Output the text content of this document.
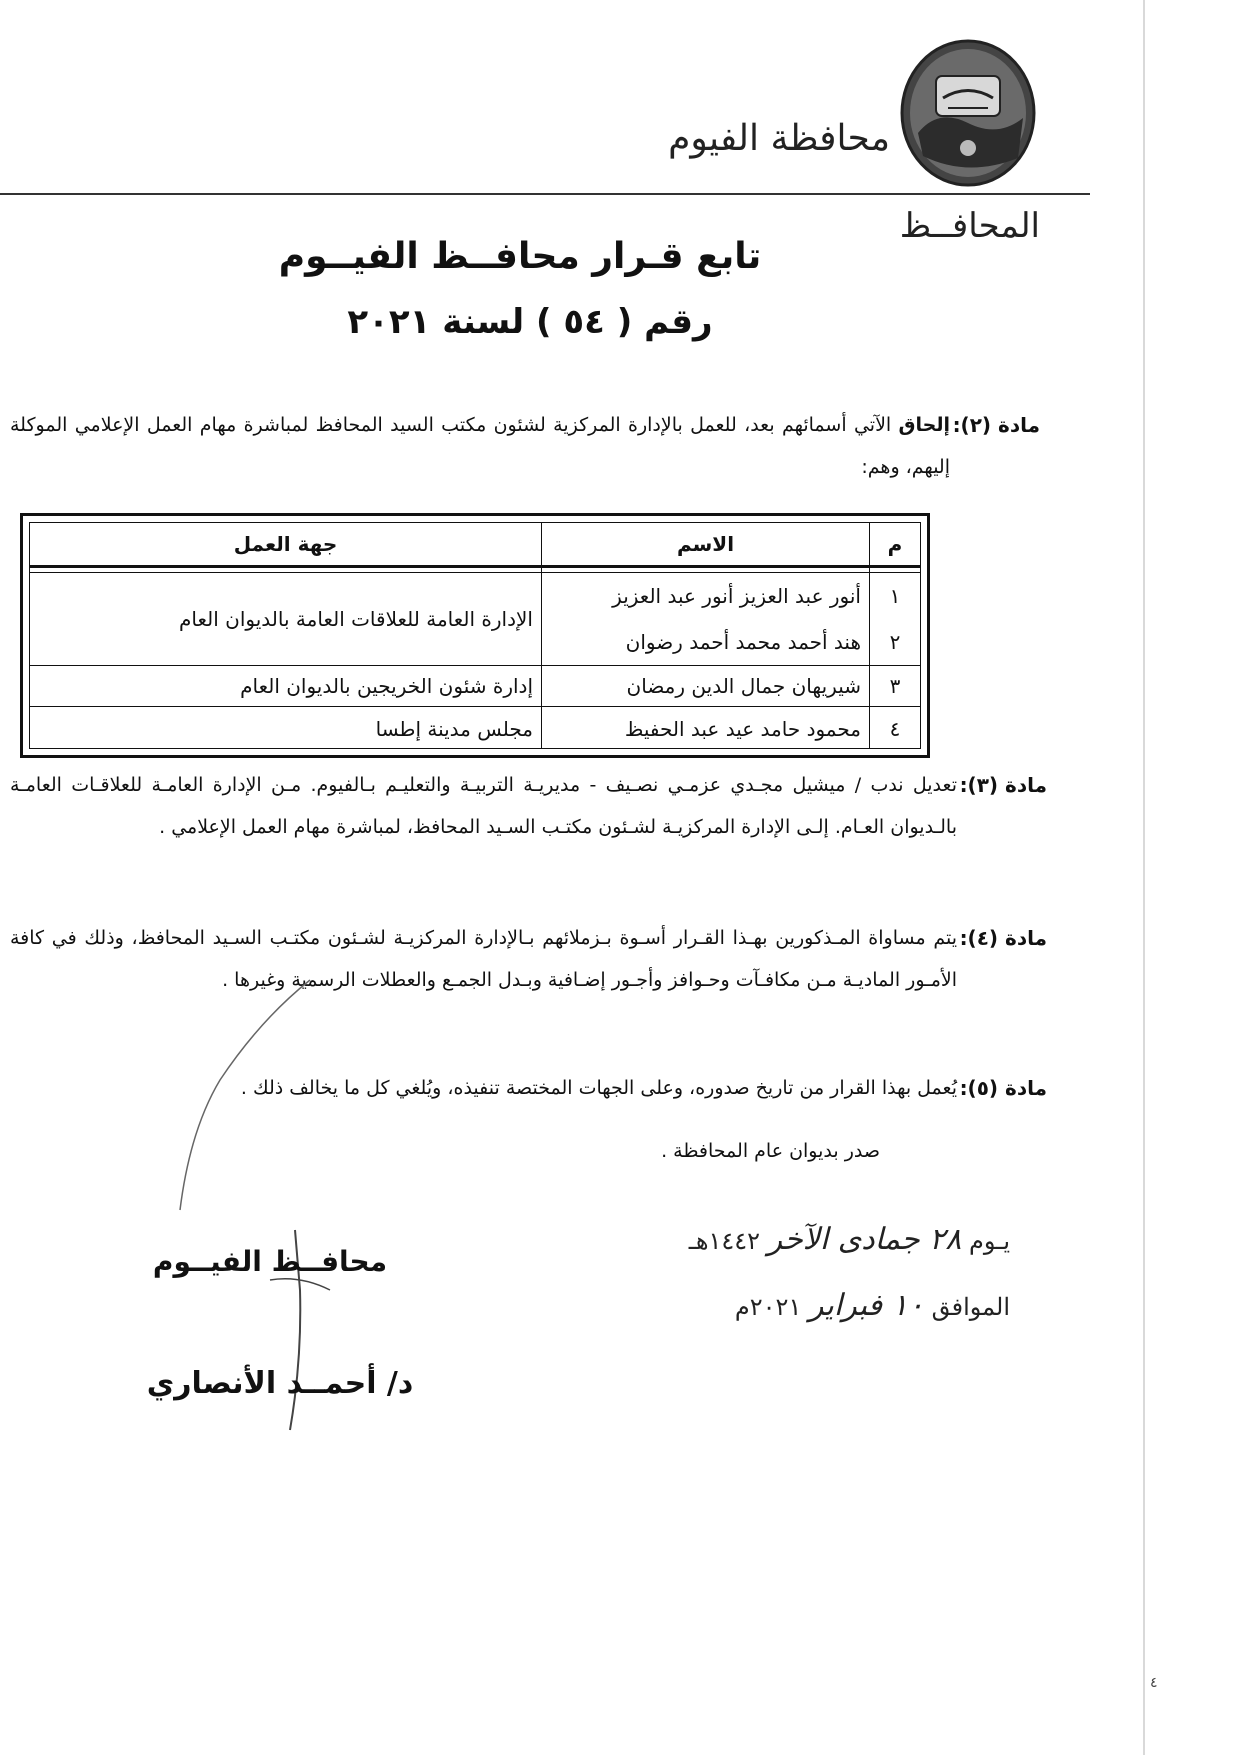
محافظة الفيوم
المحافــظ
تابع قـرار محافــظ الفيــوم
رقم ( ٥٤ ) لسنة ٢٠٢١
مادة (٢):
إلحاق الآتي أسمائهم بعد، للعمل بالإدارة المركزية لشئون مكتب السيد المحافظ لمباشرة مهام العمل الإعلامي الموكلة إليهم، وهم:
م
الاسم
جهة العمل
١
أنور عبد العزيز أنور عبد العزيز
٢
هند أحمد محمد أحمد رضوان
الإدارة العامة للعلاقات العامة بالديوان العام
٣
شيريهان جمال الدين رمضان
إدارة شئون الخريجين بالديوان العام
٤
محمود حامد عيد عبد الحفيظ
مجلس مدينة إطسا
مادة (٣):
تعديل ندب / ميشيل مجـدي عزمـي نصـيف - مديريـة التربيـة والتعليـم بـالفيوم. مـن الإدارة العامـة للعلاقـات العامـة بالـديوان العـام. إلـى الإدارة المركزيـة لشـئون مكتـب السـيد المحافظ، لمباشرة مهام العمل الإعلامي .
مادة (٤):
يتم مساواة المـذكورين بهـذا القـرار أسـوة بـزملائهم بـالإدارة المركزيـة لشـئون مكتـب السـيد المحافظ، وذلك في كافة الأمـور الماديـة مـن مكافـآت وحـوافز وأجـور إضـافية وبـدل الجمـع والعطلات الرسمية وغيرها .
مادة (٥):
يُعمل بهذا القرار من تاريخ صدوره، وعلى الجهات المختصة تنفيذه، ويُلغي كل ما يخالف ذلك .
صدر بديوان عام المحافظة .
يـوم ٢٨ جمادى الآخر ١٤٤٢هـ
الموافق ١٠ فبراير ٢٠٢١م
محافــظ الفيــوم
د/ أحمــد الأنصاري
٤
